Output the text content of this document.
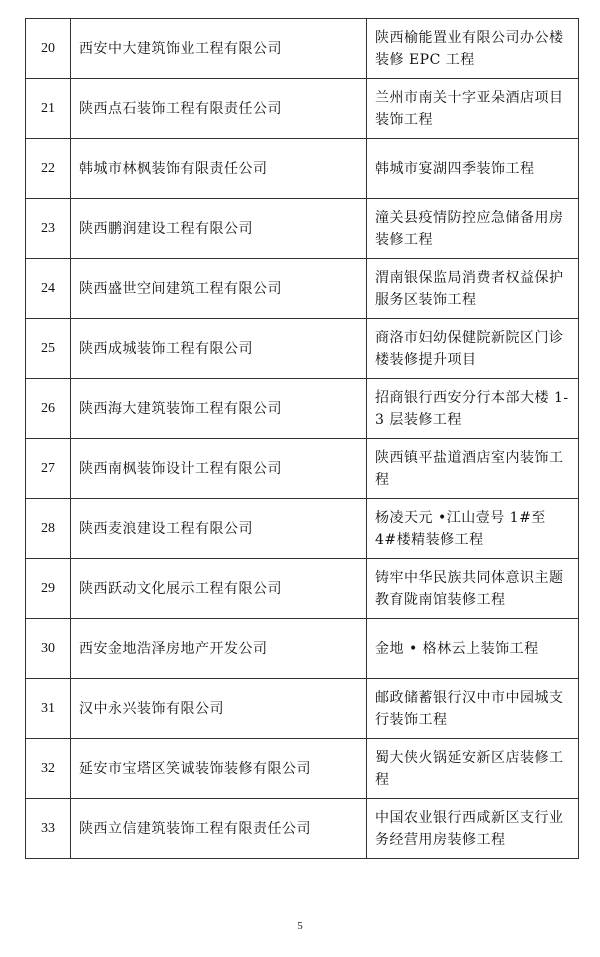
20	西安中大建筑饰业工程有限公司	陕西榆能置业有限公司办公楼装修 EPC 工程
21	陕西点石装饰工程有限责任公司	兰州市南关十字亚朵酒店项目装饰工程
22	韩城市林枫装饰有限责任公司	韩城市宴湖四季装饰工程
23	陕西鹏润建设工程有限公司	潼关县疫情防控应急储备用房装修工程
24	陕西盛世空间建筑工程有限公司	渭南银保监局消费者权益保护服务区装饰工程
25	陕西成城装饰工程有限公司	商洛市妇幼保健院新院区门诊楼装修提升项目
26	陕西海大建筑装饰工程有限公司	招商银行西安分行本部大楼 1-3 层装修工程
27	陕西南枫装饰设计工程有限公司	陕西镇平盐道酒店室内装饰工程
28	陕西麦浪建设工程有限公司	杨凌天元 •江山壹号 1#至 4#楼精装修工程
29	陕西跃动文化展示工程有限公司	铸牢中华民族共同体意识主题教育陇南馆装修工程
30	西安金地浩泽房地产开发公司	金地 • 格林云上装饰工程
31	汉中永兴装饰有限公司	邮政储蓄银行汉中市中园城支行装饰工程
32	延安市宝塔区笑诚装饰装修有限公司	蜀大侠火锅延安新区店装修工程
33	陕西立信建筑装饰工程有限责任公司	中国农业银行西咸新区支行业务经营用房装修工程
5
